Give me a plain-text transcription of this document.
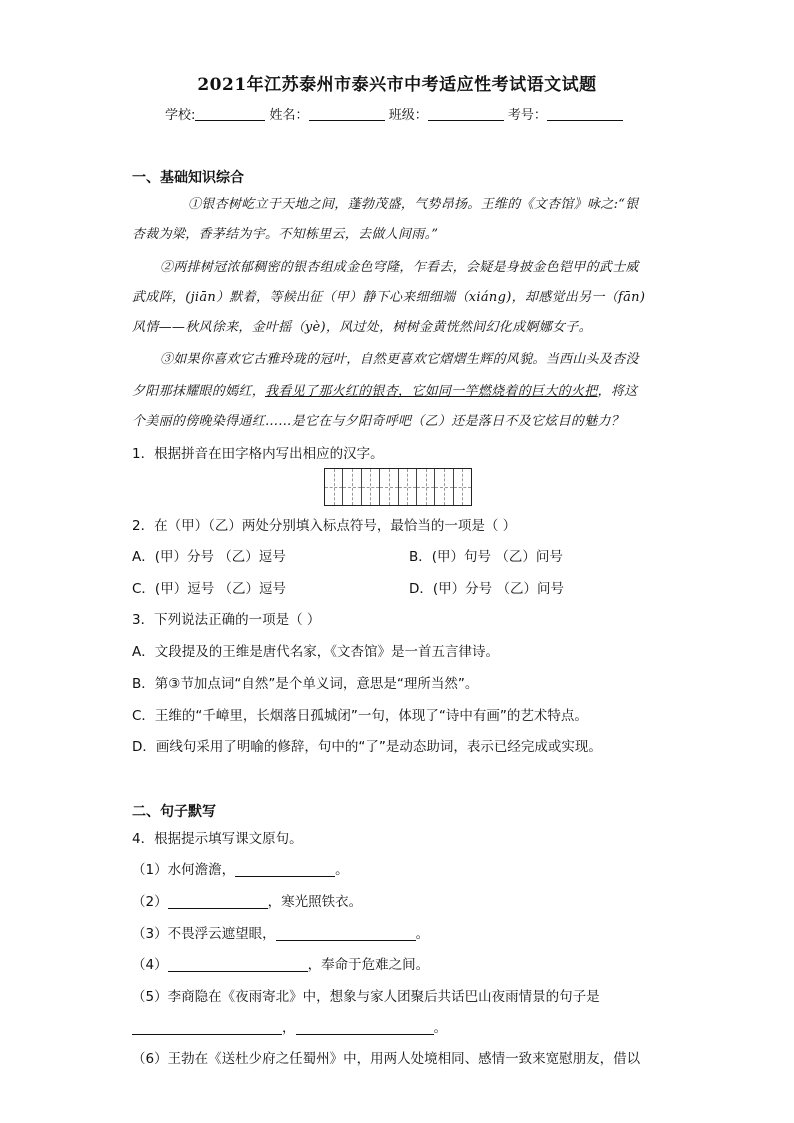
2021年江苏泰州市泰兴市中考适应性考试语文试题
学校:	姓名：	班级：	考号：
一、基础知识综合
①银杏树屹立于天地之间，蓬勃茂盛，气势昂扬。王维的《文杏馆》咏之:“银
杏裁为梁，香茅结为宇。不知栋里云，去做人间雨。”
②两排树冠浓郁稠密的银杏组成金色穹隆，乍看去，会疑是身披金色铠甲的武士威
武成阵，(jiān）默着，等候出征（甲）静下心来细细端（xiáng)，却感觉出另一（fān)
风情——秋风徐来，金叶摇（yè)，风过处，树树金黄恍然间幻化成婀娜女子。
③如果你喜欢它古雅玲珑的冠叶，自然更喜欢它熠熠生辉的风貌。当西山头及杏没
夕阳那抹耀眼的嫣红，我看见了那火红的银杏，它如同一竿燃烧着的巨大的火把，将这
个美丽的傍晚染得通红……是它在与夕阳奇呼吧（乙）还是落日不及它炫目的魅力？
1．根据拼音在田字格内写出相应的汉字。
2．在（甲）（乙）两处分别填入标点符号，最恰当的一项是（ ）
A．(甲）分号 （乙）逗号	B．(甲）句号 （乙）问号
C．(甲）逗号 （乙）逗号	D．(甲）分号 （乙）问号
3．下列说法正确的一项是（ ）
A．文段提及的王维是唐代名家，《文杏馆》是一首五言律诗。
B．第③节加点词“自然”是个单义词，意思是“理所当然”。
C．王维的“千嶂里，长烟落日孤城闭”一句，体现了“诗中有画”的艺术特点。
D．画线句采用了明喻的修辞，句中的“了”是动态助词，表示已经完成或实现。
二、句子默写
4．根据提示填写课文原句。
（1）水何澹澹，	。
（2）	，寒光照铁衣。
（3）不畏浮云遮望眼，	。
（4）	，奉命于危难之间。
（5）李商隐在《夜雨寄北》中，想象与家人团聚后共话巴山夜雨情景的句子是
，	。
（6）王勃在《送杜少府之任蜀州》中，用两人处境相同、感情一致来宽慰朋友，借以
